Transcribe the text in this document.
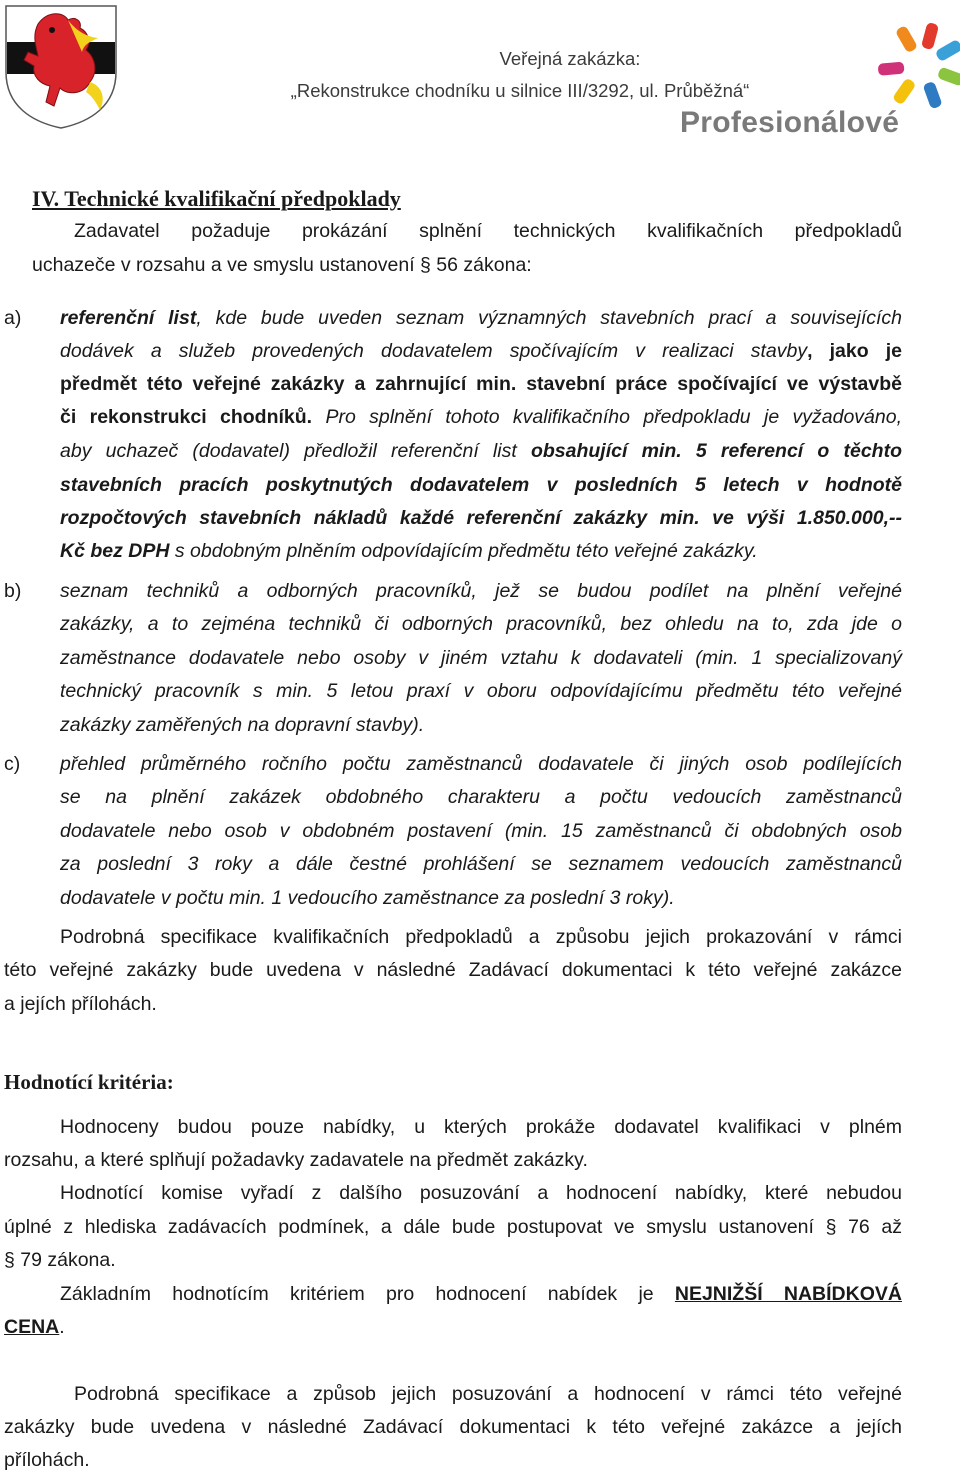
Veřejná zakázka:
„Rekonstrukce chodníku u silnice III/3292, ul. Průběžná“
Profesionálové
IV. Technické kvalifikační předpoklady
Zadavatel požaduje prokázání splnění technických kvalifikačních předpokladů
uchazeče v rozsahu a ve smyslu ustanovení § 56 zákona:
a) referenční list, kde bude uveden seznam významných stavebních prací a souvisejících
dodávek a služeb provedených dodavatelem spočívajícím v realizaci stavby, jako je
předmět této veřejné zakázky a zahrnující min. stavební práce spočívající ve výstavbě
či rekonstrukci chodníků. Pro splnění tohoto kvalifikačního předpokladu je vyžadováno,
aby uchazeč (dodavatel) předložil referenční list obsahující min. 5 referencí o těchto
stavebních pracích poskytnutých dodavatelem v posledních 5 letech v hodnotě
rozpočtových stavebních nákladů každé referenční zakázky min. ve výši 1.850.000,--
Kč bez DPH s obdobným plněním odpovídajícím předmětu této veřejné zakázky.
b) seznam techniků a odborných pracovníků, jež se budou podílet na plnění veřejné
zakázky, a to zejména techniků či odborných pracovníků, bez ohledu na to, zda jde o
zaměstnance dodavatele nebo osoby v jiném vztahu k dodavateli (min. 1 specializovaný
technický pracovník s min. 5 letou praxí v oboru odpovídajícímu předmětu této veřejné
zakázky zaměřených na dopravní stavby).
c) přehled průměrného ročního počtu zaměstnanců dodavatele či jiných osob podílejících
se na plnění zakázek obdobného charakteru a počtu vedoucích zaměstnanců
dodavatele nebo osob v obdobném postavení (min. 15 zaměstnanců či obdobných osob
za poslední 3 roky a dále čestné prohlášení se seznamem vedoucích zaměstnanců
dodavatele v počtu min. 1 vedoucího zaměstnance za poslední 3 roky).
Podrobná specifikace kvalifikačních předpokladů a způsobu jejich prokazování v rámci
této veřejné zakázky bude uvedena v následné Zadávací dokumentaci k této veřejné zakázce
a jejích přílohách.
Hodnotící kritéria:
Hodnoceny budou pouze nabídky, u kterých prokáže dodavatel kvalifikaci v plném
rozsahu, a které splňují požadavky zadavatele na předmět zakázky.
Hodnotící komise vyřadí z dalšího posuzování a hodnocení nabídky, které nebudou
úplné z hlediska zadávacích podmínek, a dále bude postupovat ve smyslu ustanovení § 76 až
§ 79 zákona.
Základním hodnotícím kritériem pro hodnocení nabídek je NEJNIŽŠÍ NABÍDKOVÁ
CENA.
Podrobná specifikace a způsob jejich posuzování a hodnocení v rámci této veřejné
zakázky bude uvedena v následné Zadávací dokumentaci k této veřejné zakázce a jejích
přílohách.
